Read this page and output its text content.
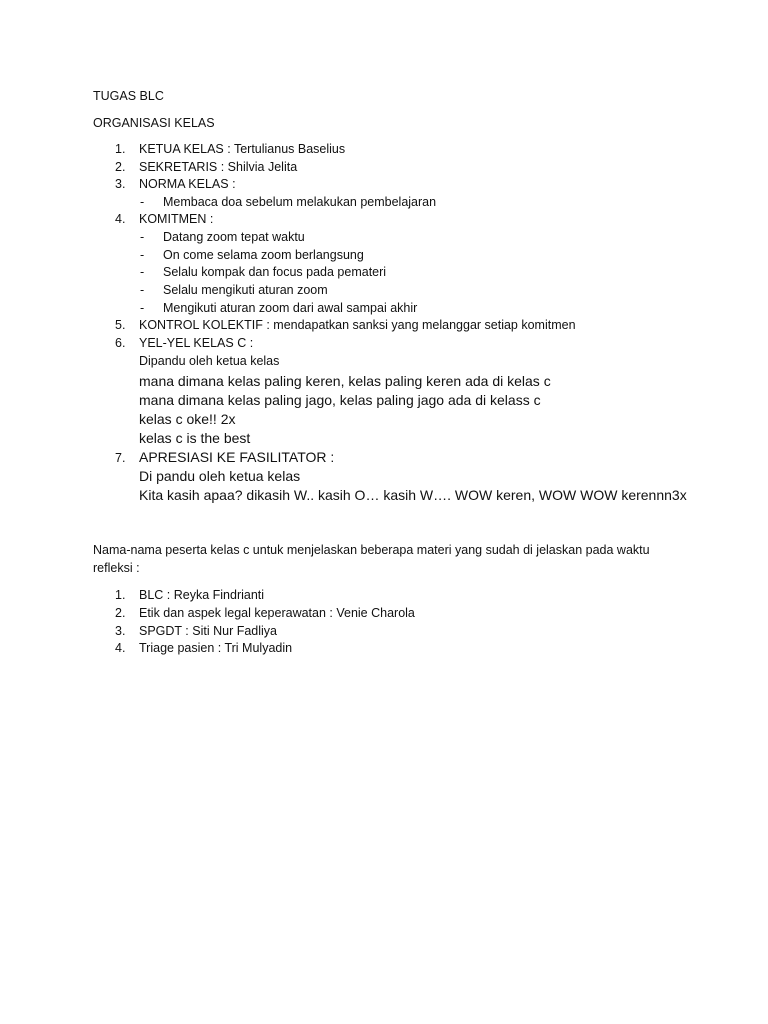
TUGAS BLC
ORGANISASI KELAS
1. KETUA KELAS : Tertulianus Baselius
2. SEKRETARIS : Shilvia Jelita
3. NORMA KELAS :
- Membaca doa sebelum melakukan pembelajaran
4. KOMITMEN :
- Datang zoom tepat waktu
- On come selama zoom berlangsung
- Selalu kompak dan focus pada pemateri
- Selalu mengikuti aturan zoom
- Mengikuti aturan zoom dari awal sampai akhir
5. KONTROL KOLEKTIF : mendapatkan sanksi yang melanggar setiap komitmen
6. YEL-YEL KELAS C :
Dipandu oleh ketua kelas
mana dimana kelas paling keren, kelas paling keren ada di kelas c
mana dimana kelas paling jago, kelas paling jago ada di kelass c
kelas c oke!! 2x
kelas c is the best
7. APRESIASI KE FASILITATOR :
Di pandu oleh ketua kelas
Kita kasih apaa? dikasih W.. kasih O… kasih W…. WOW keren, WOW WOW kerennn3x
Nama-nama peserta kelas c untuk menjelaskan beberapa materi yang sudah di jelaskan pada waktu
refleksi :
1. BLC : Reyka Findrianti
2. Etik dan aspek legal keperawatan : Venie Charola
3. SPGDT : Siti Nur Fadliya
4. Triage pasien : Tri Mulyadin
